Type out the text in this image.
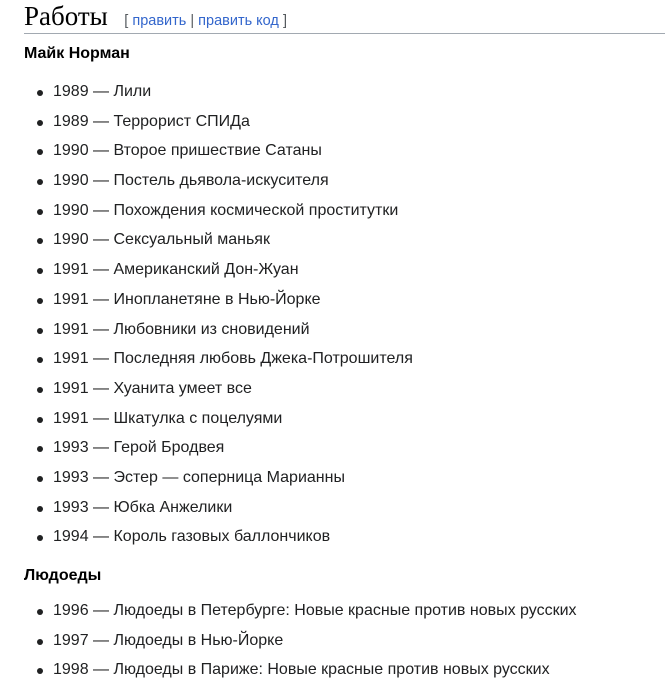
Работы [ править | править код ]
Майк Норман
1989 — Лили
1989 — Террорист СПИДа
1990 — Второе пришествие Сатаны
1990 — Постель дьявола-искусителя
1990 — Похождения космической проститутки
1990 — Сексуальный маньяк
1991 — Американский Дон-Жуан
1991 — Инопланетяне в Нью-Йорке
1991 — Любовники из сновидений
1991 — Последняя любовь Джека-Потрошителя
1991 — Хуанита умеет все
1991 — Шкатулка с поцелуями
1993 — Герой Бродвея
1993 — Эстер — соперница Марианны
1993 — Юбка Анжелики
1994 — Король газовых баллончиков
Людоеды
1996 — Людоеды в Петербурге: Новые красные против новых русских
1997 — Людоеды в Нью-Йорке
1998 — Людоеды в Париже: Новые красные против новых русских
